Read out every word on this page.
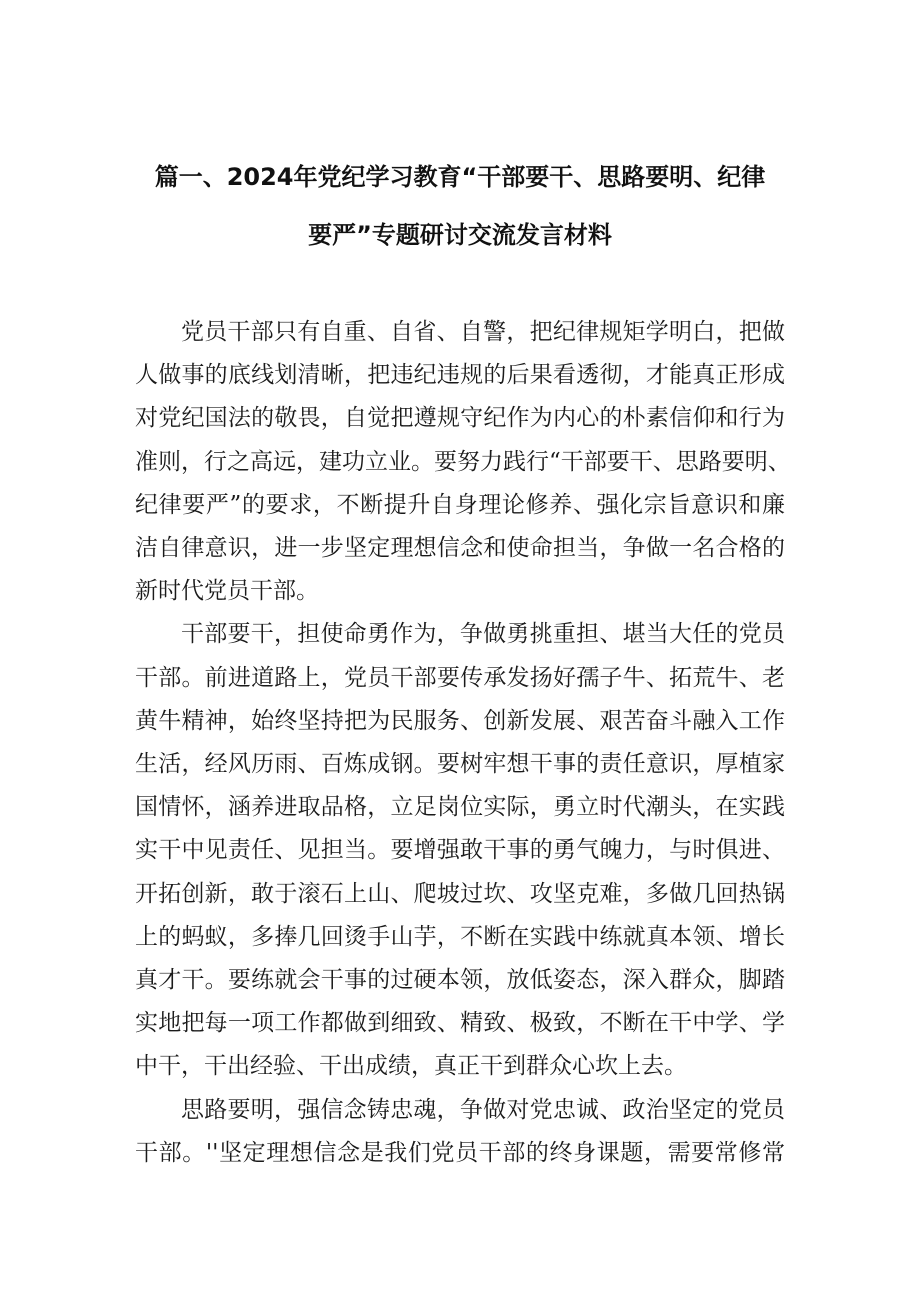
篇一、2024年党纪学习教育“干部要干、思路要明、纪律
要严”专题研讨交流发言材料
党员干部只有自重、自省、自警，把纪律规矩学明白，把做
人做事的底线划清晰，把违纪违规的后果看透彻，才能真正形成
对党纪国法的敬畏，自觉把遵规守纪作为内心的朴素信仰和行为
准则，行之高远，建功立业。要努力践行“干部要干、思路要明、
纪律要严”的要求，不断提升自身理论修养、强化宗旨意识和廉
洁自律意识，进一步坚定理想信念和使命担当，争做一名合格的
新时代党员干部。
干部要干，担使命勇作为，争做勇挑重担、堪当大任的党员
干部。前进道路上，党员干部要传承发扬好孺子牛、拓荒牛、老
黄牛精神，始终坚持把为民服务、创新发展、艰苦奋斗融入工作
生活，经风历雨、百炼成钢。要树牢想干事的责任意识，厚植家
国情怀，涵养进取品格，立足岗位实际，勇立时代潮头，在实践
实干中见责任、见担当。要增强敢干事的勇气魄力，与时俱进、
开拓创新，敢于滚石上山、爬坡过坎、攻坚克难，多做几回热锅
上的蚂蚁，多捧几回烫手山芋，不断在实践中练就真本领、增长
真才干。要练就会干事的过硬本领，放低姿态，深入群众，脚踏
实地把每一项工作都做到细致、精致、极致，不断在干中学、学
中干，干出经验、干出成绩，真正干到群众心坎上去。
思路要明，强信念铸忠魂，争做对党忠诚、政治坚定的党员
干部。''坚定理想信念是我们党员干部的终身课题，需要常修常
